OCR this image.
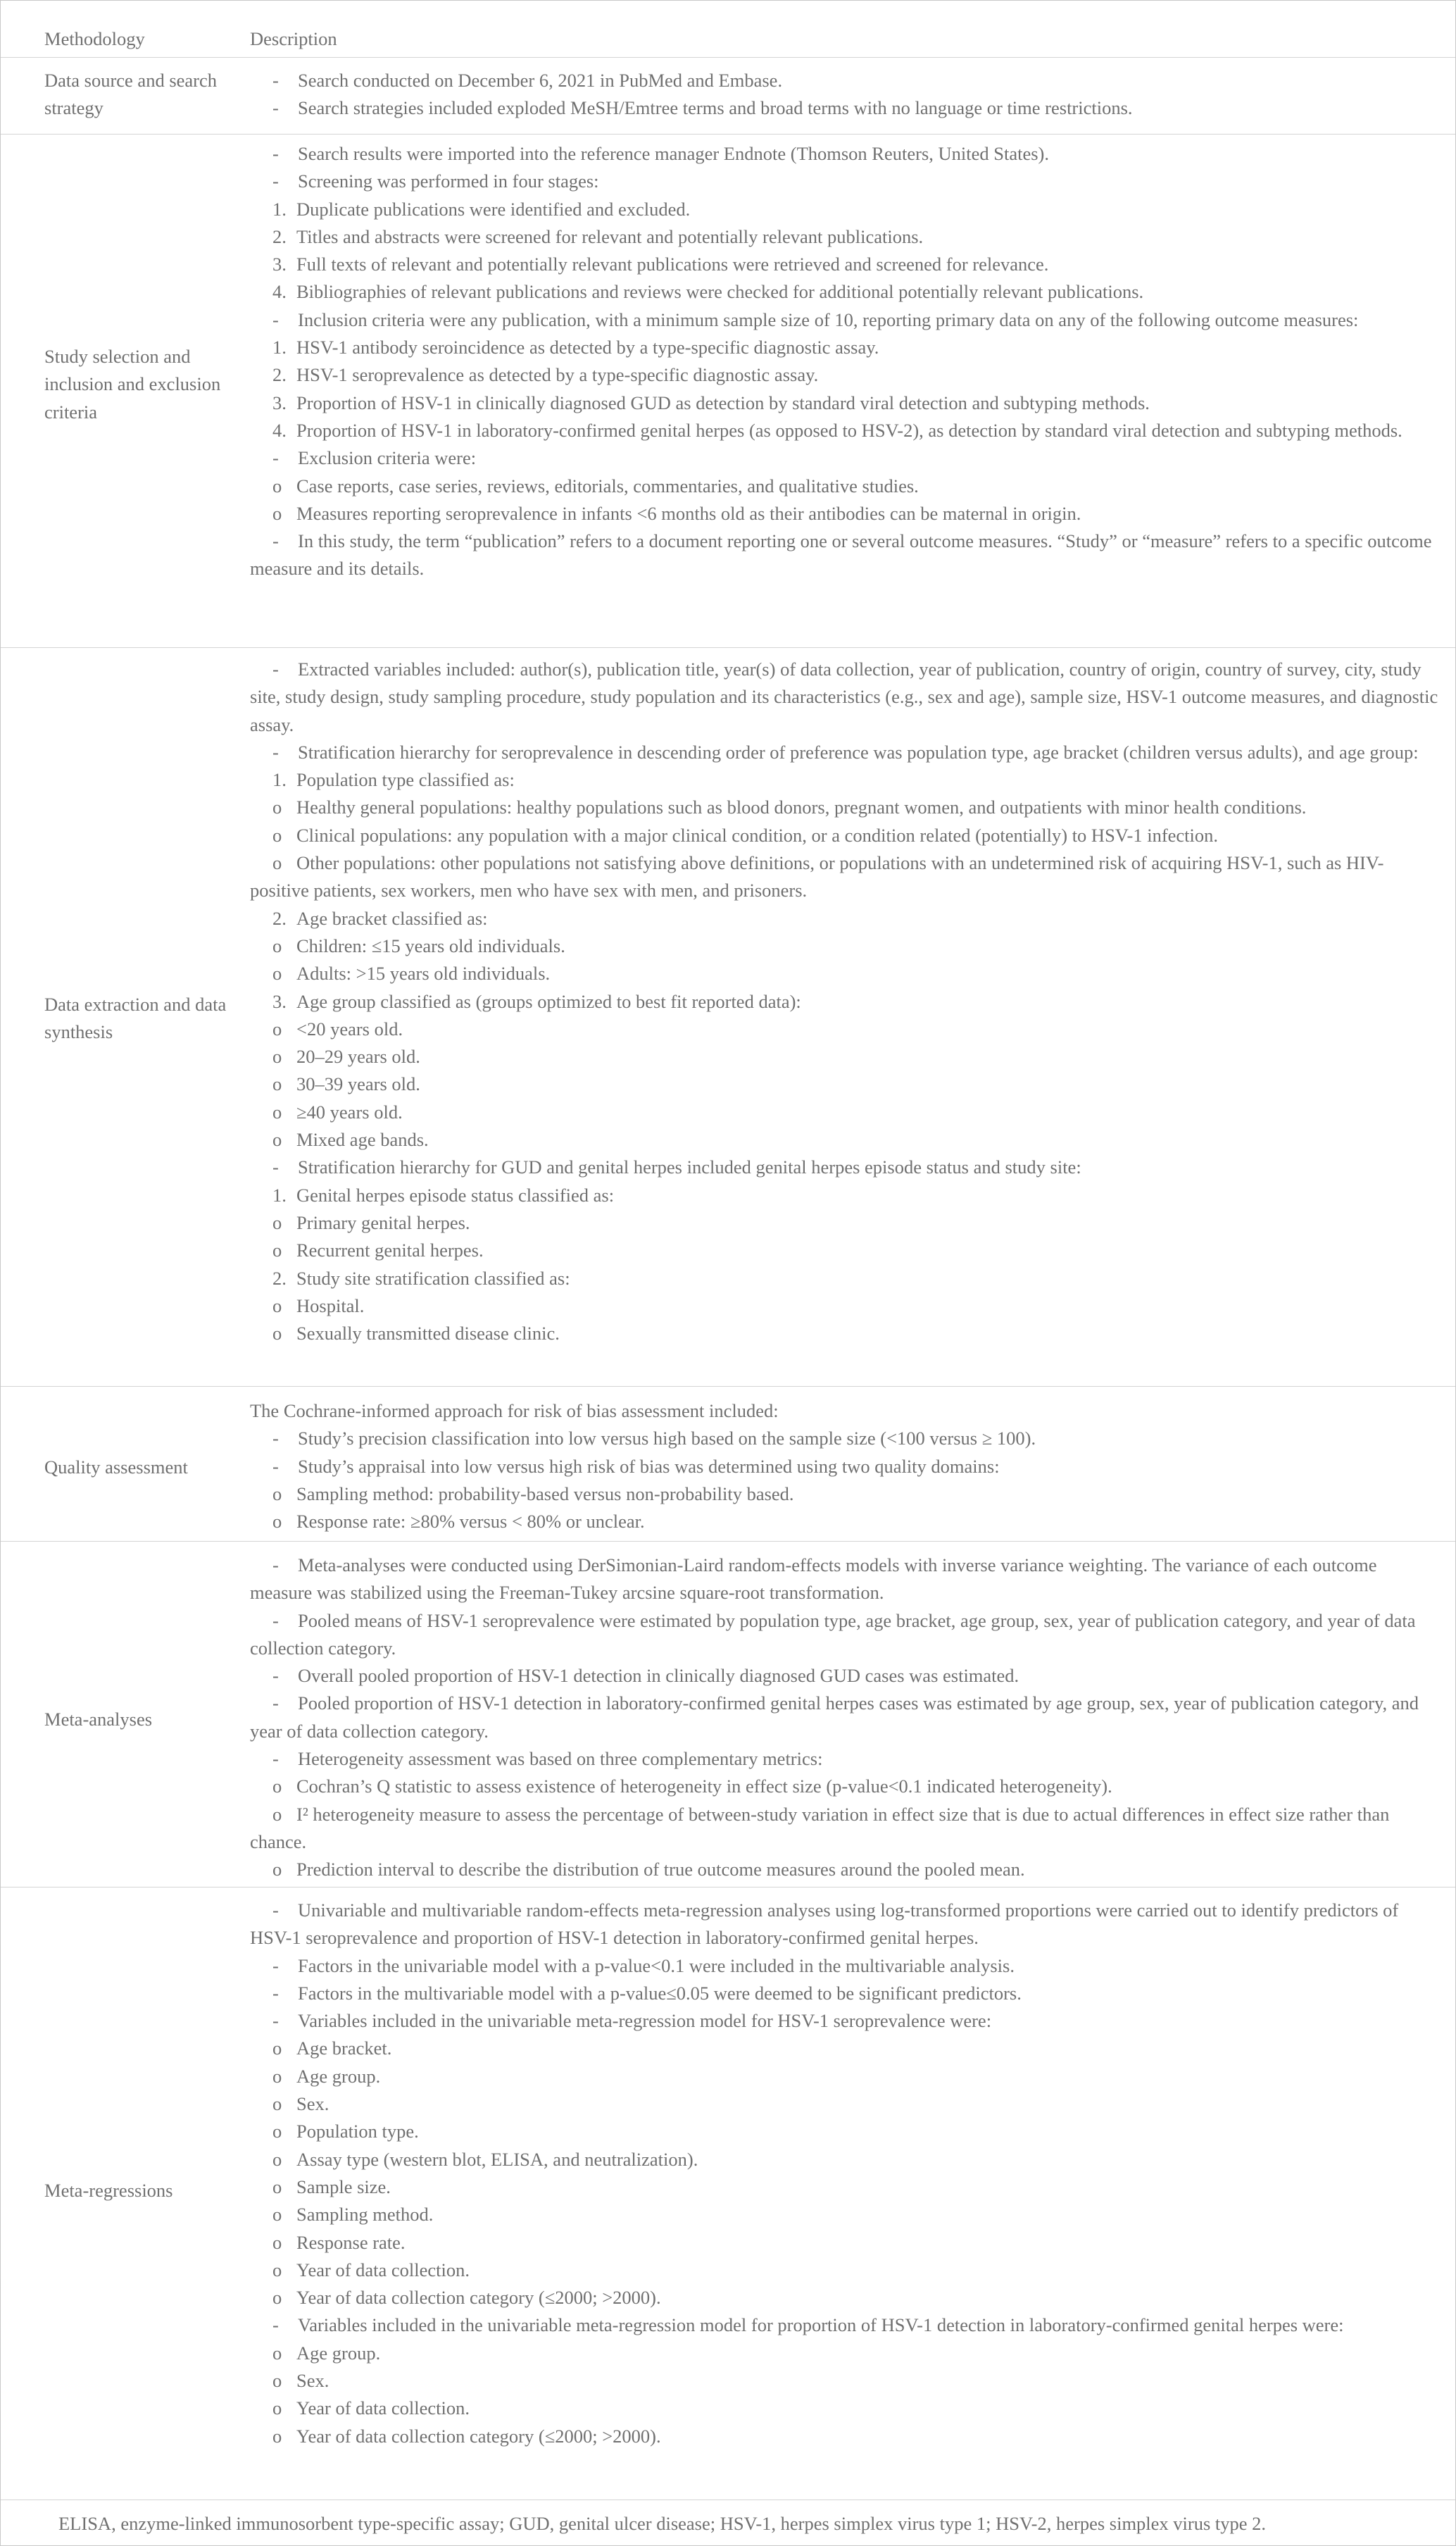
Methodology	Description
Data source and search strategy
- Search conducted on December 6, 2021 in PubMed and Embase.
- Search strategies included exploded MeSH/Emtree terms and broad terms with no language or time restrictions.
Study selection and inclusion and exclusion criteria
- Search results were imported into the reference manager Endnote (Thomson Reuters, United States).
- Screening was performed in four stages:
1. Duplicate publications were identified and excluded.
2. Titles and abstracts were screened for relevant and potentially relevant publications.
3. Full texts of relevant and potentially relevant publications were retrieved and screened for relevance.
4. Bibliographies of relevant publications and reviews were checked for additional potentially relevant publications.
- Inclusion criteria were any publication, with a minimum sample size of 10, reporting primary data on any of the following outcome measures:
1. HSV-1 antibody seroincidence as detected by a type-specific diagnostic assay.
2. HSV-1 seroprevalence as detected by a type-specific diagnostic assay.
3. Proportion of HSV-1 in clinically diagnosed GUD as detection by standard viral detection and subtyping methods.
4. Proportion of HSV-1 in laboratory-confirmed genital herpes (as opposed to HSV-2), as detection by standard viral detection and subtyping methods.
- Exclusion criteria were:
o Case reports, case series, reviews, editorials, commentaries, and qualitative studies.
o Measures reporting seroprevalence in infants <6 months old as their antibodies can be maternal in origin.
- In this study, the term “publication” refers to a document reporting one or several outcome measures. “Study” or “measure” refers to a specific outcome measure and its details.
Data extraction and data synthesis
- Extracted variables included: author(s), publication title, year(s) of data collection, year of publication, country of origin, country of survey, city, study site, study design, study sampling procedure, study population and its characteristics (e.g., sex and age), sample size, HSV-1 outcome measures, and diagnostic assay.
- Stratification hierarchy for seroprevalence in descending order of preference was population type, age bracket (children versus adults), and age group:
1. Population type classified as:
o Healthy general populations: healthy populations such as blood donors, pregnant women, and outpatients with minor health conditions.
o Clinical populations: any population with a major clinical condition, or a condition related (potentially) to HSV-1 infection.
o Other populations: other populations not satisfying above definitions, or populations with an undetermined risk of acquiring HSV-1, such as HIV-positive patients, sex workers, men who have sex with men, and prisoners.
2. Age bracket classified as:
o Children: ≤15 years old individuals.
o Adults: >15 years old individuals.
3. Age group classified as (groups optimized to best fit reported data):
o <20 years old.
o 20–29 years old.
o 30–39 years old.
o ≥40 years old.
o Mixed age bands.
- Stratification hierarchy for GUD and genital herpes included genital herpes episode status and study site:
1. Genital herpes episode status classified as:
o Primary genital herpes.
o Recurrent genital herpes.
2. Study site stratification classified as:
o Hospital.
o Sexually transmitted disease clinic.
Quality assessment
The Cochrane-informed approach for risk of bias assessment included:
- Study’s precision classification into low versus high based on the sample size (<100 versus ≥ 100).
- Study’s appraisal into low versus high risk of bias was determined using two quality domains:
o Sampling method: probability-based versus non-probability based.
o Response rate: ≥80% versus < 80% or unclear.
Meta-analyses
- Meta-analyses were conducted using DerSimonian-Laird random-effects models with inverse variance weighting. The variance of each outcome measure was stabilized using the Freeman-Tukey arcsine square-root transformation.
- Pooled means of HSV-1 seroprevalence were estimated by population type, age bracket, age group, sex, year of publication category, and year of data collection category.
- Overall pooled proportion of HSV-1 detection in clinically diagnosed GUD cases was estimated.
- Pooled proportion of HSV-1 detection in laboratory-confirmed genital herpes cases was estimated by age group, sex, year of publication category, and year of data collection category.
- Heterogeneity assessment was based on three complementary metrics:
o Cochran’s Q statistic to assess existence of heterogeneity in effect size (p-value<0.1 indicated heterogeneity).
o I² heterogeneity measure to assess the percentage of between-study variation in effect size that is due to actual differences in effect size rather than chance.
o Prediction interval to describe the distribution of true outcome measures around the pooled mean.
Meta-regressions
- Univariable and multivariable random-effects meta-regression analyses using log-transformed proportions were carried out to identify predictors of HSV-1 seroprevalence and proportion of HSV-1 detection in laboratory-confirmed genital herpes.
- Factors in the univariable model with a p-value<0.1 were included in the multivariable analysis.
- Factors in the multivariable model with a p-value≤0.05 were deemed to be significant predictors.
- Variables included in the univariable meta-regression model for HSV-1 seroprevalence were:
o Age bracket.
o Age group.
o Sex.
o Population type.
o Assay type (western blot, ELISA, and neutralization).
o Sample size.
o Sampling method.
o Response rate.
o Year of data collection.
o Year of data collection category (≤2000; >2000).
- Variables included in the univariable meta-regression model for proportion of HSV-1 detection in laboratory-confirmed genital herpes were:
o Age group.
o Sex.
o Year of data collection.
o Year of data collection category (≤2000; >2000).
ELISA, enzyme-linked immunosorbent type-specific assay; GUD, genital ulcer disease; HSV-1, herpes simplex virus type 1; HSV-2, herpes simplex virus type 2.
